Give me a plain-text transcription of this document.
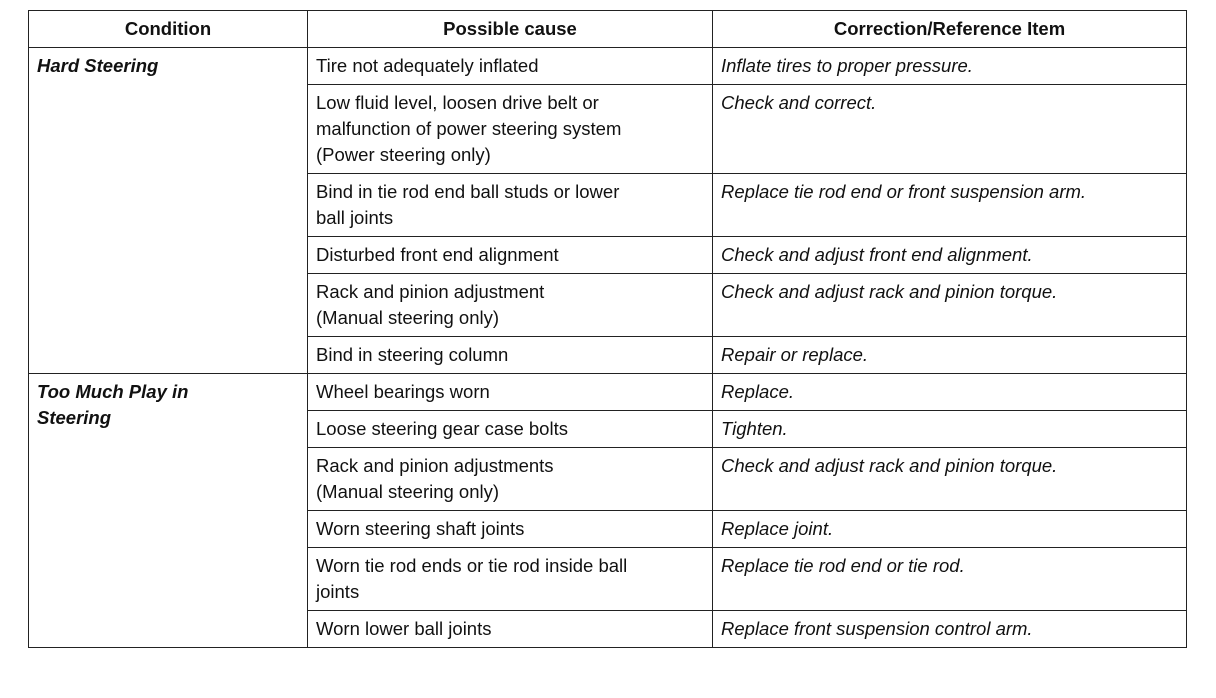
Condition	Possible cause	Correction/Reference Item
Hard Steering	Tire not adequately inflated	Inflate tires to proper pressure.
	Low fluid level, loosen drive belt or
malfunction of power steering system
(Power steering only)	Check and correct.
	Bind in tie rod end ball studs or lower
ball joints	Replace tie rod end or front suspension arm.
	Disturbed front end alignment	Check and adjust front end alignment.
	Rack and pinion adjustment
(Manual steering only)	Check and adjust rack and pinion torque.
	Bind in steering column	Repair or replace.
Too Much Play in
Steering	Wheel bearings worn	Replace.
	Loose steering gear case bolts	Tighten.
	Rack and pinion adjustments
(Manual steering only)	Check and adjust rack and pinion torque.
	Worn steering shaft joints	Replace joint.
	Worn tie rod ends or tie rod inside ball
joints	Replace tie rod end or tie rod.
	Worn lower ball joints	Replace front suspension control arm.
